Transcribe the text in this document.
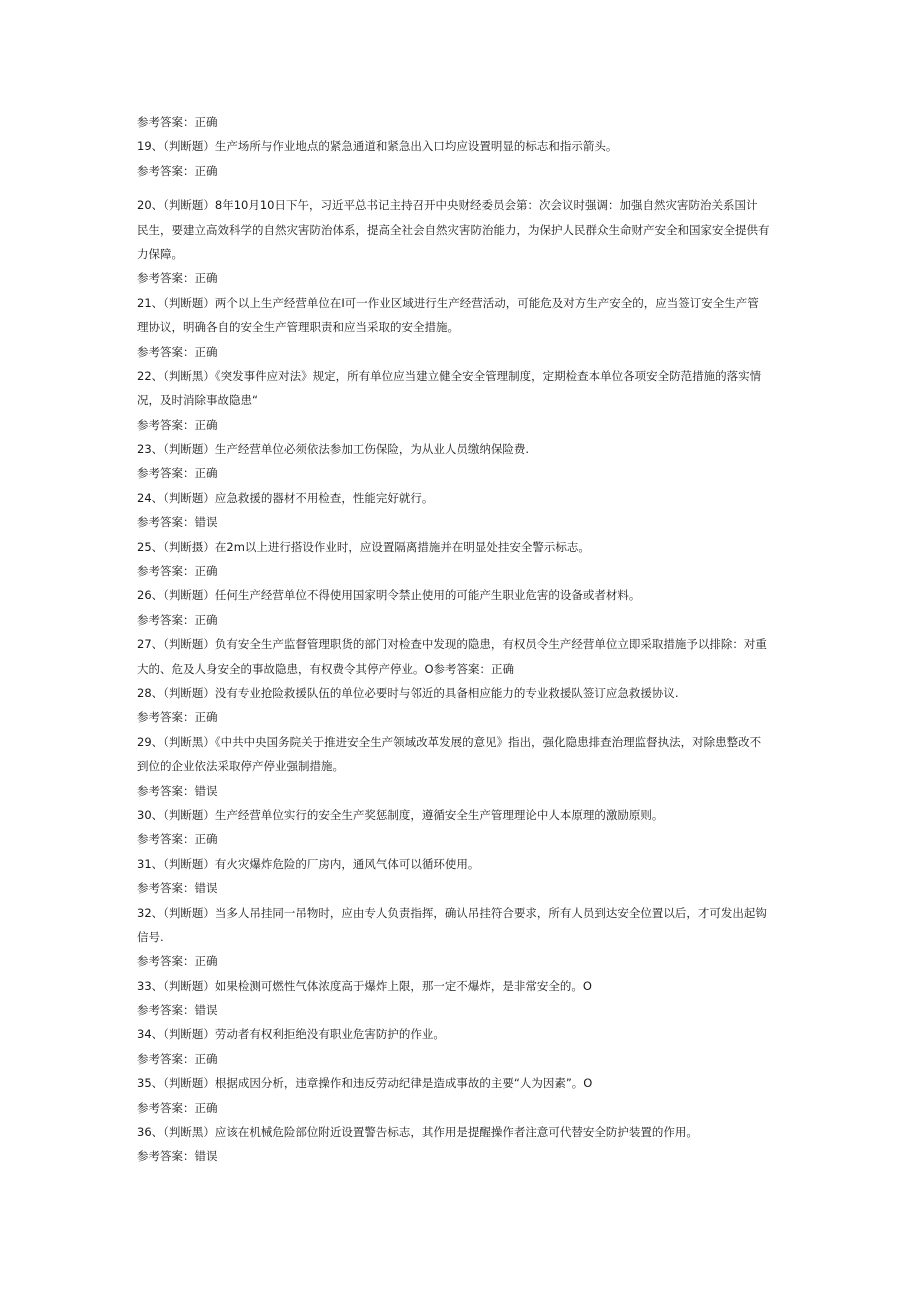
参考答案：正确
19、（判断题）生产场所与作业地点的紧急通道和紧急出入口均应设置明显的标志和指示箭头。
参考答案：正确
20、（判断题）8年10月10日下午，习近平总书记主持召开中央财经委员会第：次会议时强调：加强自然灾害防治关系国计
民生，要建立高效科学的自然灾害防治体系，提高全社会自然灾害防治能力，为保护人民群众生命财产安全和国家安全提供有
力保障。
参考答案：正确
21、（判断题）两个以上生产经营单位在I可一作业区域进行生产经营活动，可能危及对方生产安全的，应当签订安全生产管
理协议，明确各自的安全生产管理职责和应当采取的安全措施。
参考答案：正确
22、（判断黑）《突发事件应对法》规定，所有单位应当建立健全安全管理制度，定期检查本单位各项安全防范措施的落实情
况，及时消除事故隐患“
参考答案：正确
23、（判断题）生产经营单位必须依法参加工伤保险，为从业人员缴纳保险费.
参考答案：正确
24、（判断题）应急救援的器材不用检查，性能完好就行。
参考答案：错误
25、（判断摄）在2m以上进行搭设作业时，应设置隔离措施并在明显处挂安全警示标志。
参考答案：正确
26、（判断题）任何生产经营单位不得使用国家明令禁止使用的可能产生职业危害的设备或者材料。
参考答案：正确
27、（判断题）负有安全生产监督管理职货的部门对检查中发现的隐患，有权员令生产经营单位立即采取措施予以排除：对重
大的、危及人身安全的事故隐患，有权费令其停产停业。O参考答案：正确
28、（判断题）没有专业抢险救援队伍的单位必要时与邻近的具备相应能力的专业救援队签订应急救援协议.
参考答案：正确
29、（判断黑）《中共中央国务院关于推进安全生产领域改革发展的意见》指出，强化隐患排查治理监督执法，对除患整改不
到位的企业依法采取停产停业强制措施。
参考答案：错误
30、（判断题）生产经营单位实行的安全生产奖惩制度，遵循安全生产管理理论中人本原理的激励原则。
参考答案：正确
31、（判断题）有火灾爆炸危险的厂房内，通风气体可以循环使用。
参考答案：错误
32、（判断题）当多人吊挂同一吊物时，应由专人负责指挥，确认吊挂符合要求，所有人员到达安全位置以后，才可发出起钩
信号.
参考答案：正确
33、（判断题）如果检测可燃性气体浓度高于爆炸上限，那一定不爆炸，是非常安全的。O
参考答案：错误
34、（判断题）劳动者有权利拒绝没有职业危害防护的作业。
参考答案：正确
35、（判断题）根据成因分析，违章操作和违反劳动纪律是造成事故的主要“人为因素”。O
参考答案：正确
36、（判断黑）应该在机械危险部位附近设置警告标志，其作用是提醒操作者注意可代替安全防护装置的作用。
参考答案：错误
